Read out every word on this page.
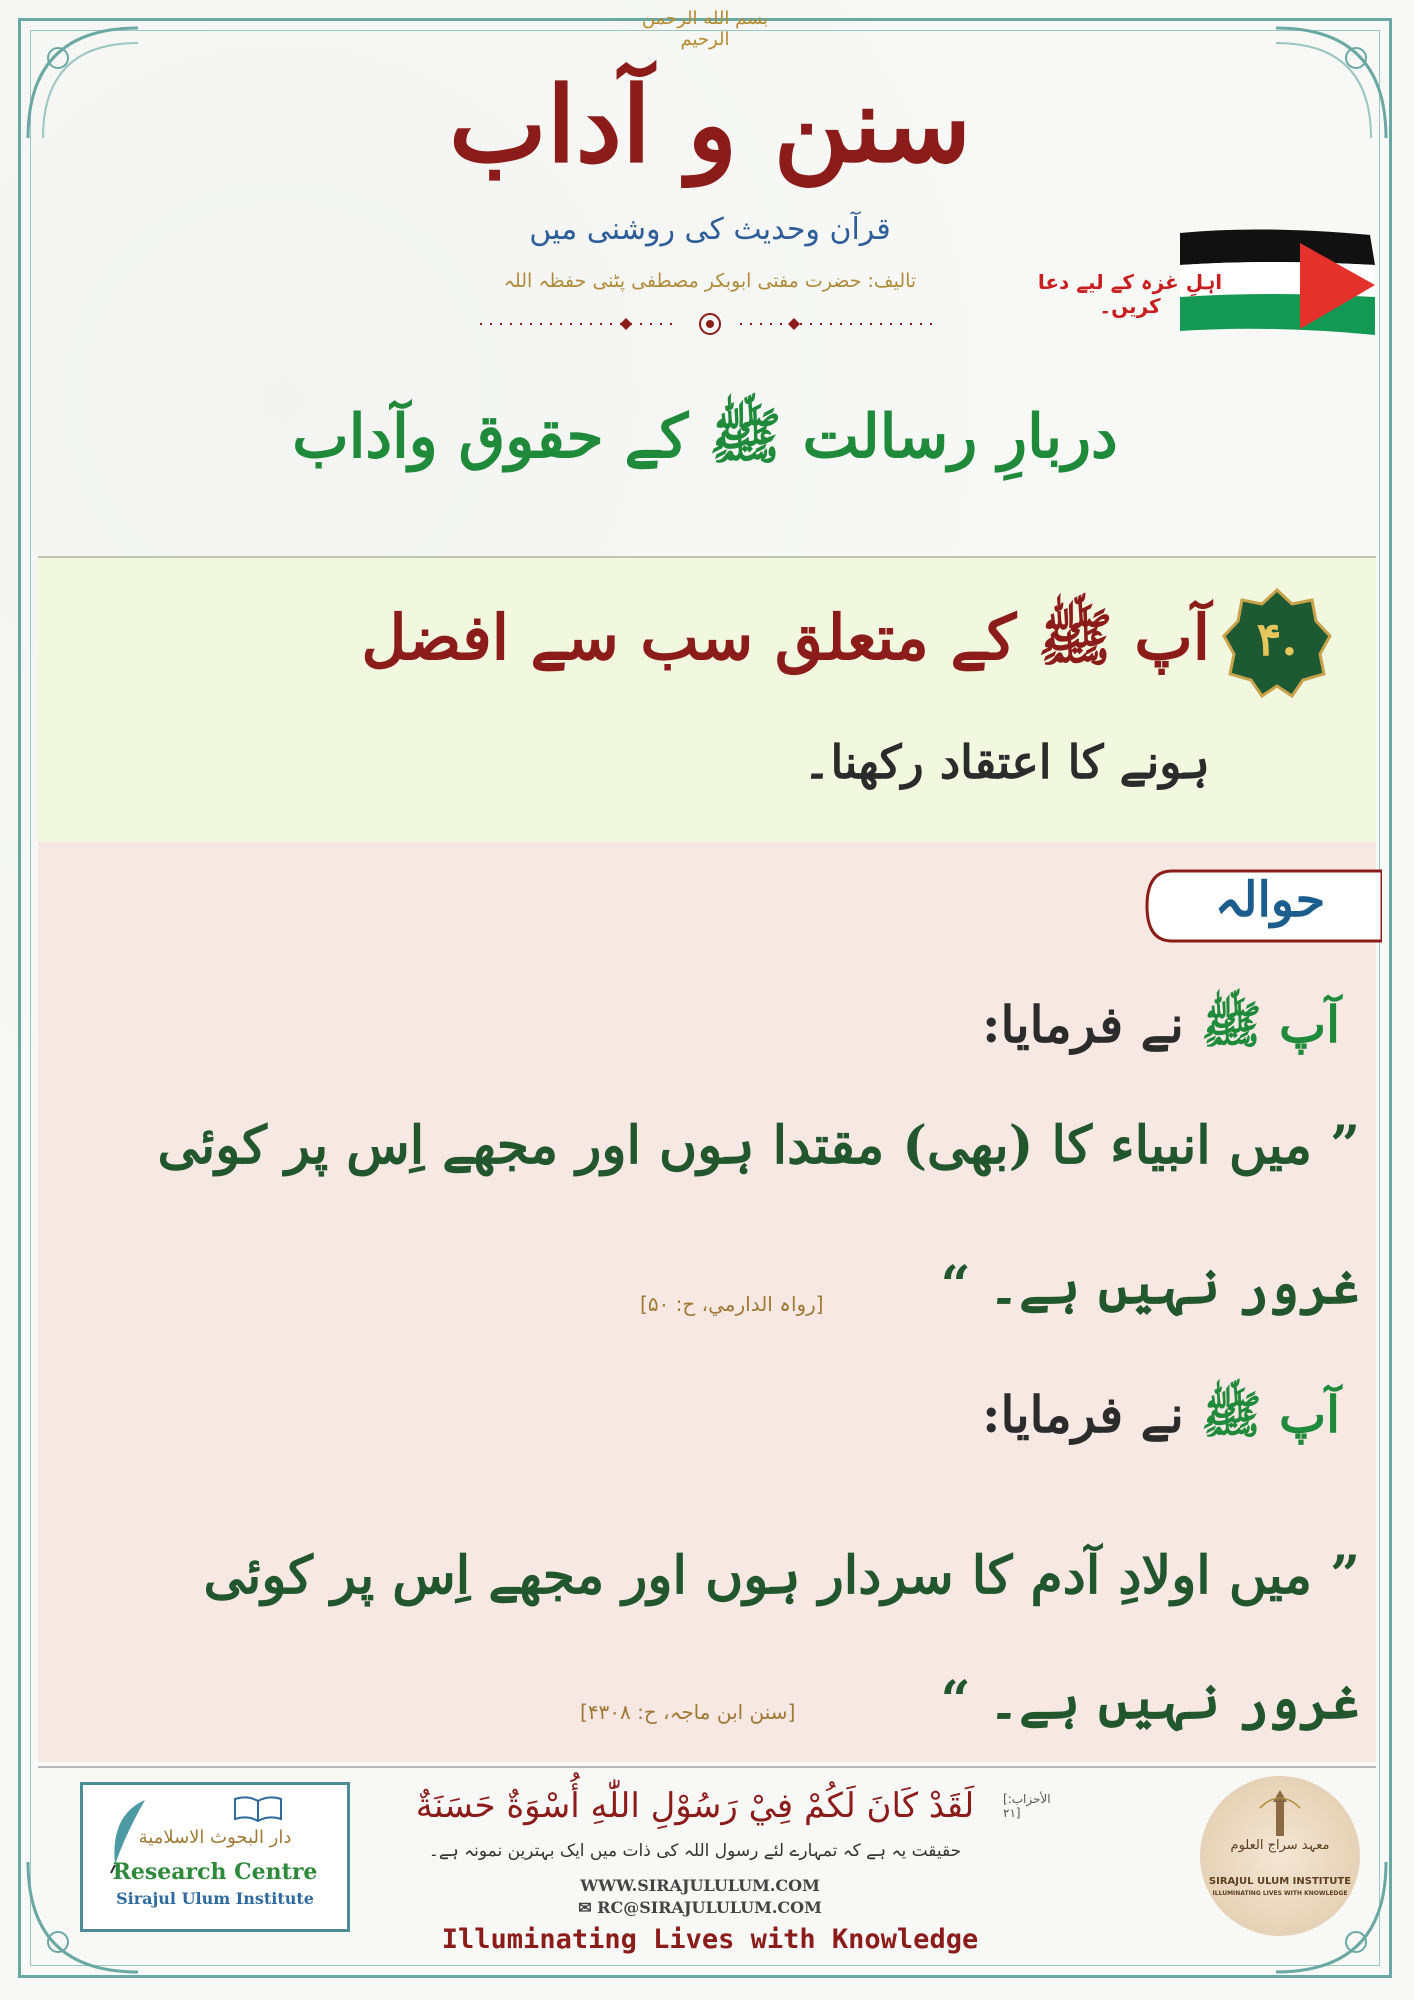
بسم الله الرحمن الرحيم
سنن و آداب
قرآن وحدیث کی روشنی میں
تالیف: حضرت مفتی ابوبکر مصطفی پٹنی حفظہ اللہ	اہلِ غزہ کے لیے دعا کریں۔
دربارِ رسالت ﷺ کے حقوق وآداب
۴.
آپ ﷺ کے متعلق سب سے افضل
ہونے کا اعتقاد رکھنا۔
حوالہ
آپ ﷺ نے فرمایا:
” میں انبیاء کا (بھی) مقتدا ہوں اور مجھے اِس پر کوئی
غرور نہیں ہے۔ “
[رواہ الدارمي، ح: ۵۰]
آپ ﷺ نے فرمایا:
” میں اولادِ آدم کا سردار ہوں اور مجھے اِس پر کوئی
غرور نہیں ہے۔ “
[سنن ابن ماجہ، ح: ۴۳۰۸]
دار البحوث الاسلامية
Research Centre
Sirajul Ulum Institute
لَقَدْ كَانَ لَكُمْ فِيْ رَسُوْلِ اللّٰهِ أُسْوَةٌ حَسَنَةٌ	[الأحزاب: ۲۱]
حقیقت یہ ہے کہ تمہارے لئے رسول اللہ کی ذات میں ایک بہترین نمونہ ہے۔
WWW.SIRAJULULUM.COM
✉ RC@SIRAJULULUM.COM
Illuminating Lives with Knowledge
معہد سراج العلوم
SIRAJUL ULUM INSTITUTE
ILLUMINATING LIVES WITH KNOWLEDGE
